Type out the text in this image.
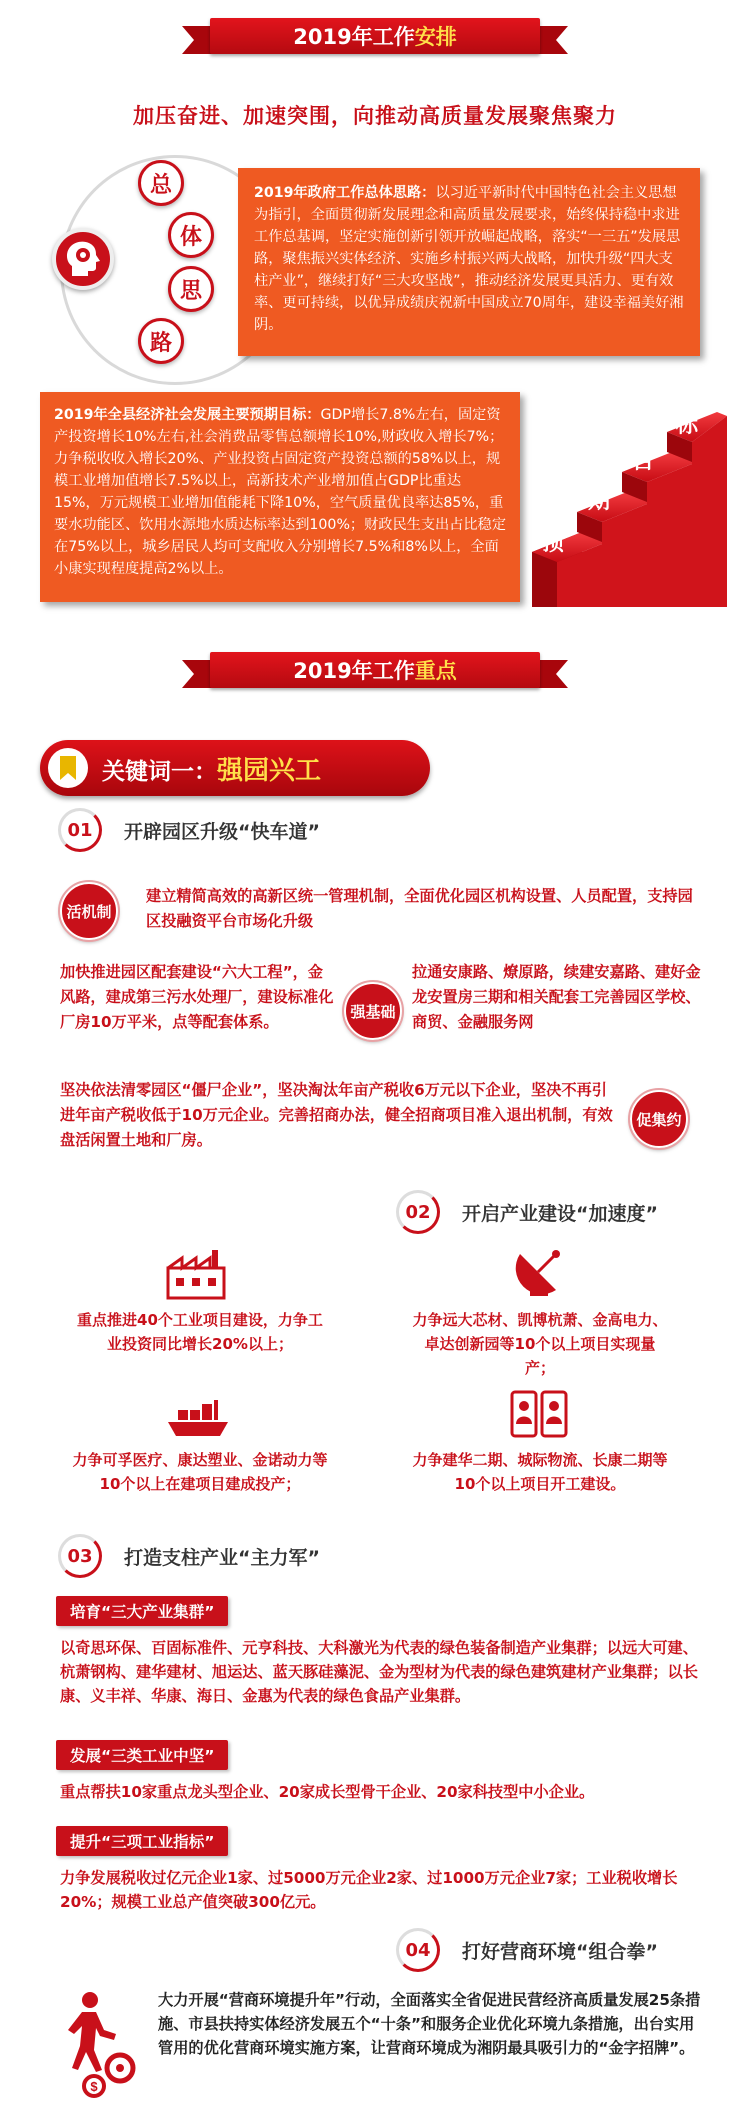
2019年工作 安排
加压奋进、加速突围，向推动高质量发展聚焦聚力
总
体
思
路
2019年政府工作总体思路：以习近平新时代中国特色社会主义思想为指引，全面贯彻新发展理念和高质量发展要求，始终保持稳中求进工作总基调，坚定实施创新引领开放崛起战略，落实“一三五”发展思路，聚焦振兴实体经济、实施乡村振兴两大战略，加快升级“四大支柱产业”，继续打好“三大攻坚战”，推动经济发展更具活力、更有效率、更可持续，以优异成绩庆祝新中国成立70周年，建设幸福美好湘阴。
2019年全县经济社会发展主要预期目标：GDP增长7.8%左右，固定资产投资增长10%左右,社会消费品零售总额增长10%,财政收入增长7%；力争税收收入增长20%、产业投资占固定资产投资总额的58%以上，规模工业增加值增长7.5%以上，高新技术产业增加值占GDP比重达15%，万元规模工业增加值能耗下降10%，空气质量优良率达85%，重要水功能区、饮用水源地水质达标率达到100%；财政民生支出占比稳定在75%以上，城乡居民人均可支配收入分别增长7.5%和8%以上，全面小康实现程度提高2%以上。
预
期
目
标
2019年工作 重点
关键词一：强园兴工
01	开辟园区升级“快车道”
活机制
建立精简高效的高新区统一管理机制，全面优化园区机构设置、人员配置，支持园区投融资平台市场化升级
加快推进园区配套建设“六大工程”，金风路，建成第三污水处理厂，建设标准化厂房10万平米，点等配套体系。
强基础
拉通安康路、燎原路，续建安嘉路、建好金龙安置房三期和相关配套工完善园区学校、商贸、金融服务网
坚决依法清零园区“僵尸企业”，坚决淘汰年亩产税收6万元以下企业，坚决不再引进年亩产税收低于10万元企业。完善招商办法，健全招商项目准入退出机制，有效盘活闲置土地和厂房。
促集约
02	开启产业建设“加速度”
重点推进40个工业项目建设，力争工业投资同比增长20%以上；
力争远大芯材、凯博杭萧、金高电力、卓达创新园等10个以上项目实现量产；
力争可孚医疗、康达塑业、金诺动力等10个以上在建项目建成投产；
力争建华二期、城际物流、长康二期等10个以上项目开工建设。
03	打造支柱产业“主力军”
培育“三大产业集群”
以奇思环保、百固标准件、元亨科技、大科激光为代表的绿色装备制造产业集群；以远大可建、杭萧钢构、建华建材、旭运达、蓝天豚硅藻泥、金为型材为代表的绿色建筑建材产业集群；以长康、义丰祥、华康、海日、金惠为代表的绿色食品产业集群。
发展“三类工业中坚”
重点帮扶10家重点龙头型企业、20家成长型骨干企业、20家科技型中小企业。
提升“三项工业指标”
力争发展税收过亿元企业1家、过5000万元企业2家、过1000万元企业7家；工业税收增长20%；规模工业总产值突破300亿元。
04	打好营商环境“组合拳”
$
大力开展“营商环境提升年”行动，全面落实全省促进民营经济高质量发展25条措施、市县扶持实体经济发展五个“十条”和服务企业优化环境九条措施，出台实用管用的优化营商环境实施方案，让营商环境成为湘阴最具吸引力的“金字招牌”。
